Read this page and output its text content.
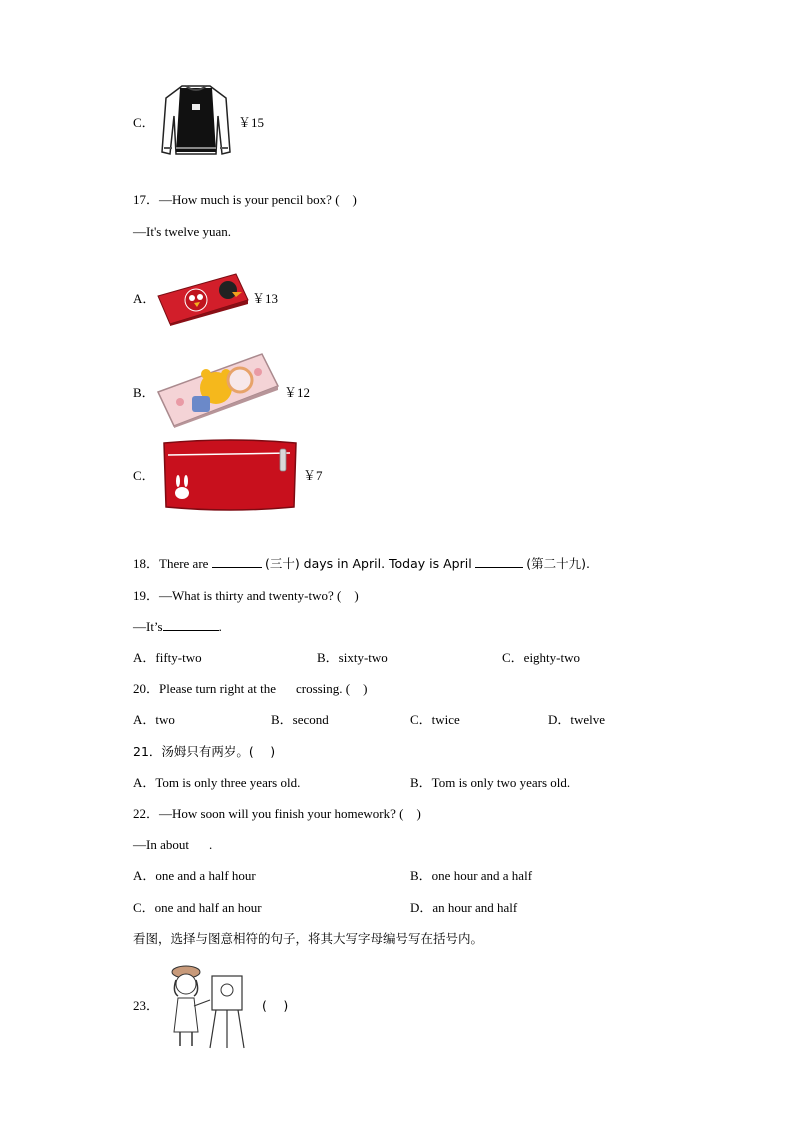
C．	￥15
17．—How much is your pencil box? (　)
—It's twelve yuan.
A．	￥13
B．	￥12
C．	￥7
18．There are	(三十) days in April. Today is April	(第二十九).
19．—What is thirty and twenty-two? (　)
—It’s	.
A．fifty-two	B．sixty-two	C．eighty-two
20．Please turn right at the crossing. (　)
A．two	B．second	C．twice	D．twelve
21．汤姆只有两岁。(　 )
A．Tom is only three years old.	B．Tom is only two years old.
22．—How soon will you finish your homework? (　)
—In about .
A．one and a half hour	B．one hour and a half
C．one and half an hour	D．an hour and half
看图，选择与图意相符的句子，将其大写字母编号写在括号内。
23．	(　 )
